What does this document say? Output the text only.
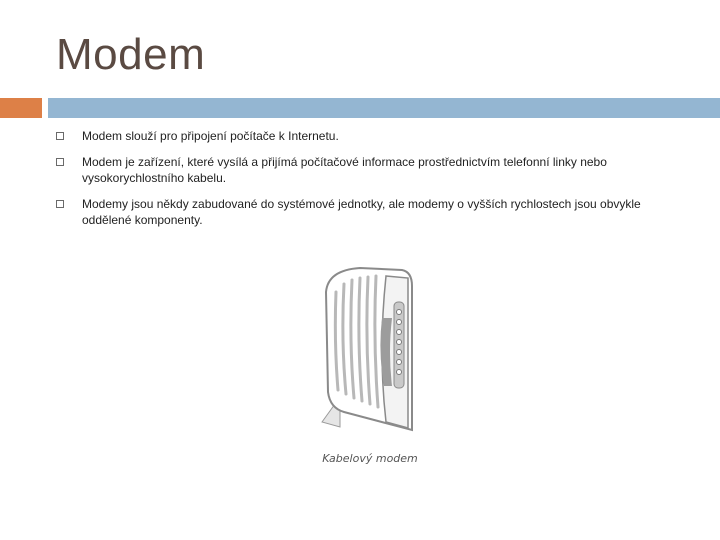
Modem
Modem slouží pro připojení počítače k Internetu.
Modem je zařízení, které vysílá a přijímá počítačové informace prostřednictvím telefonní linky nebo vysokorychlostního kabelu.
Modemy jsou někdy zabudované do systémové jednotky, ale modemy o vyšších rychlostech jsou obvykle oddělené komponenty.
Kabelový modem
